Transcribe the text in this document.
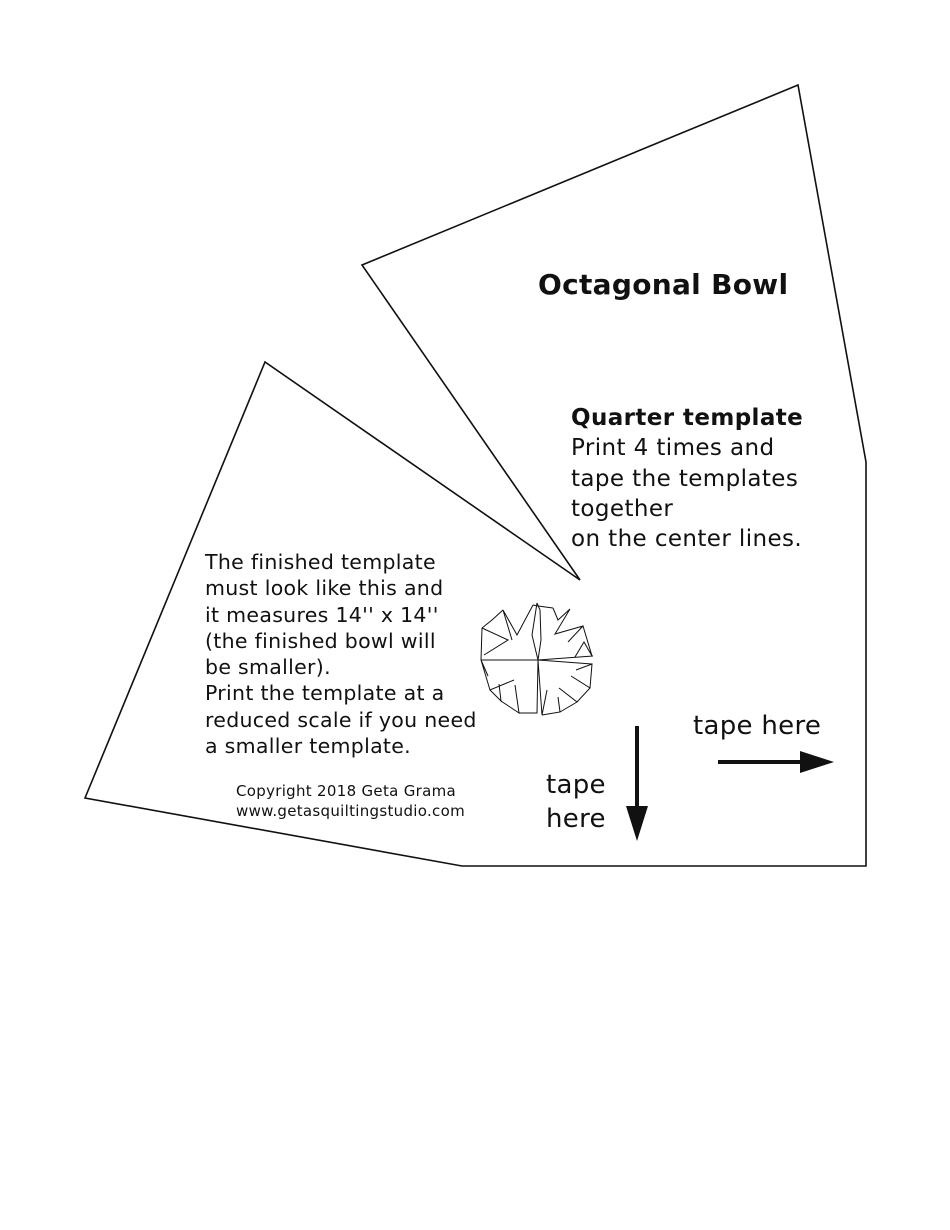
Octagonal Bowl
Quarter template
Print 4 times and
tape the templates
together
on the center lines.
The finished template
must look like this and
it measures 14'' x 14''
(the finished bowl will
be smaller).
Print the template at a
reduced scale if you need
a smaller template.
Copyright 2018 Geta Grama
www.getasquiltingstudio.com
tape
here
tape here
